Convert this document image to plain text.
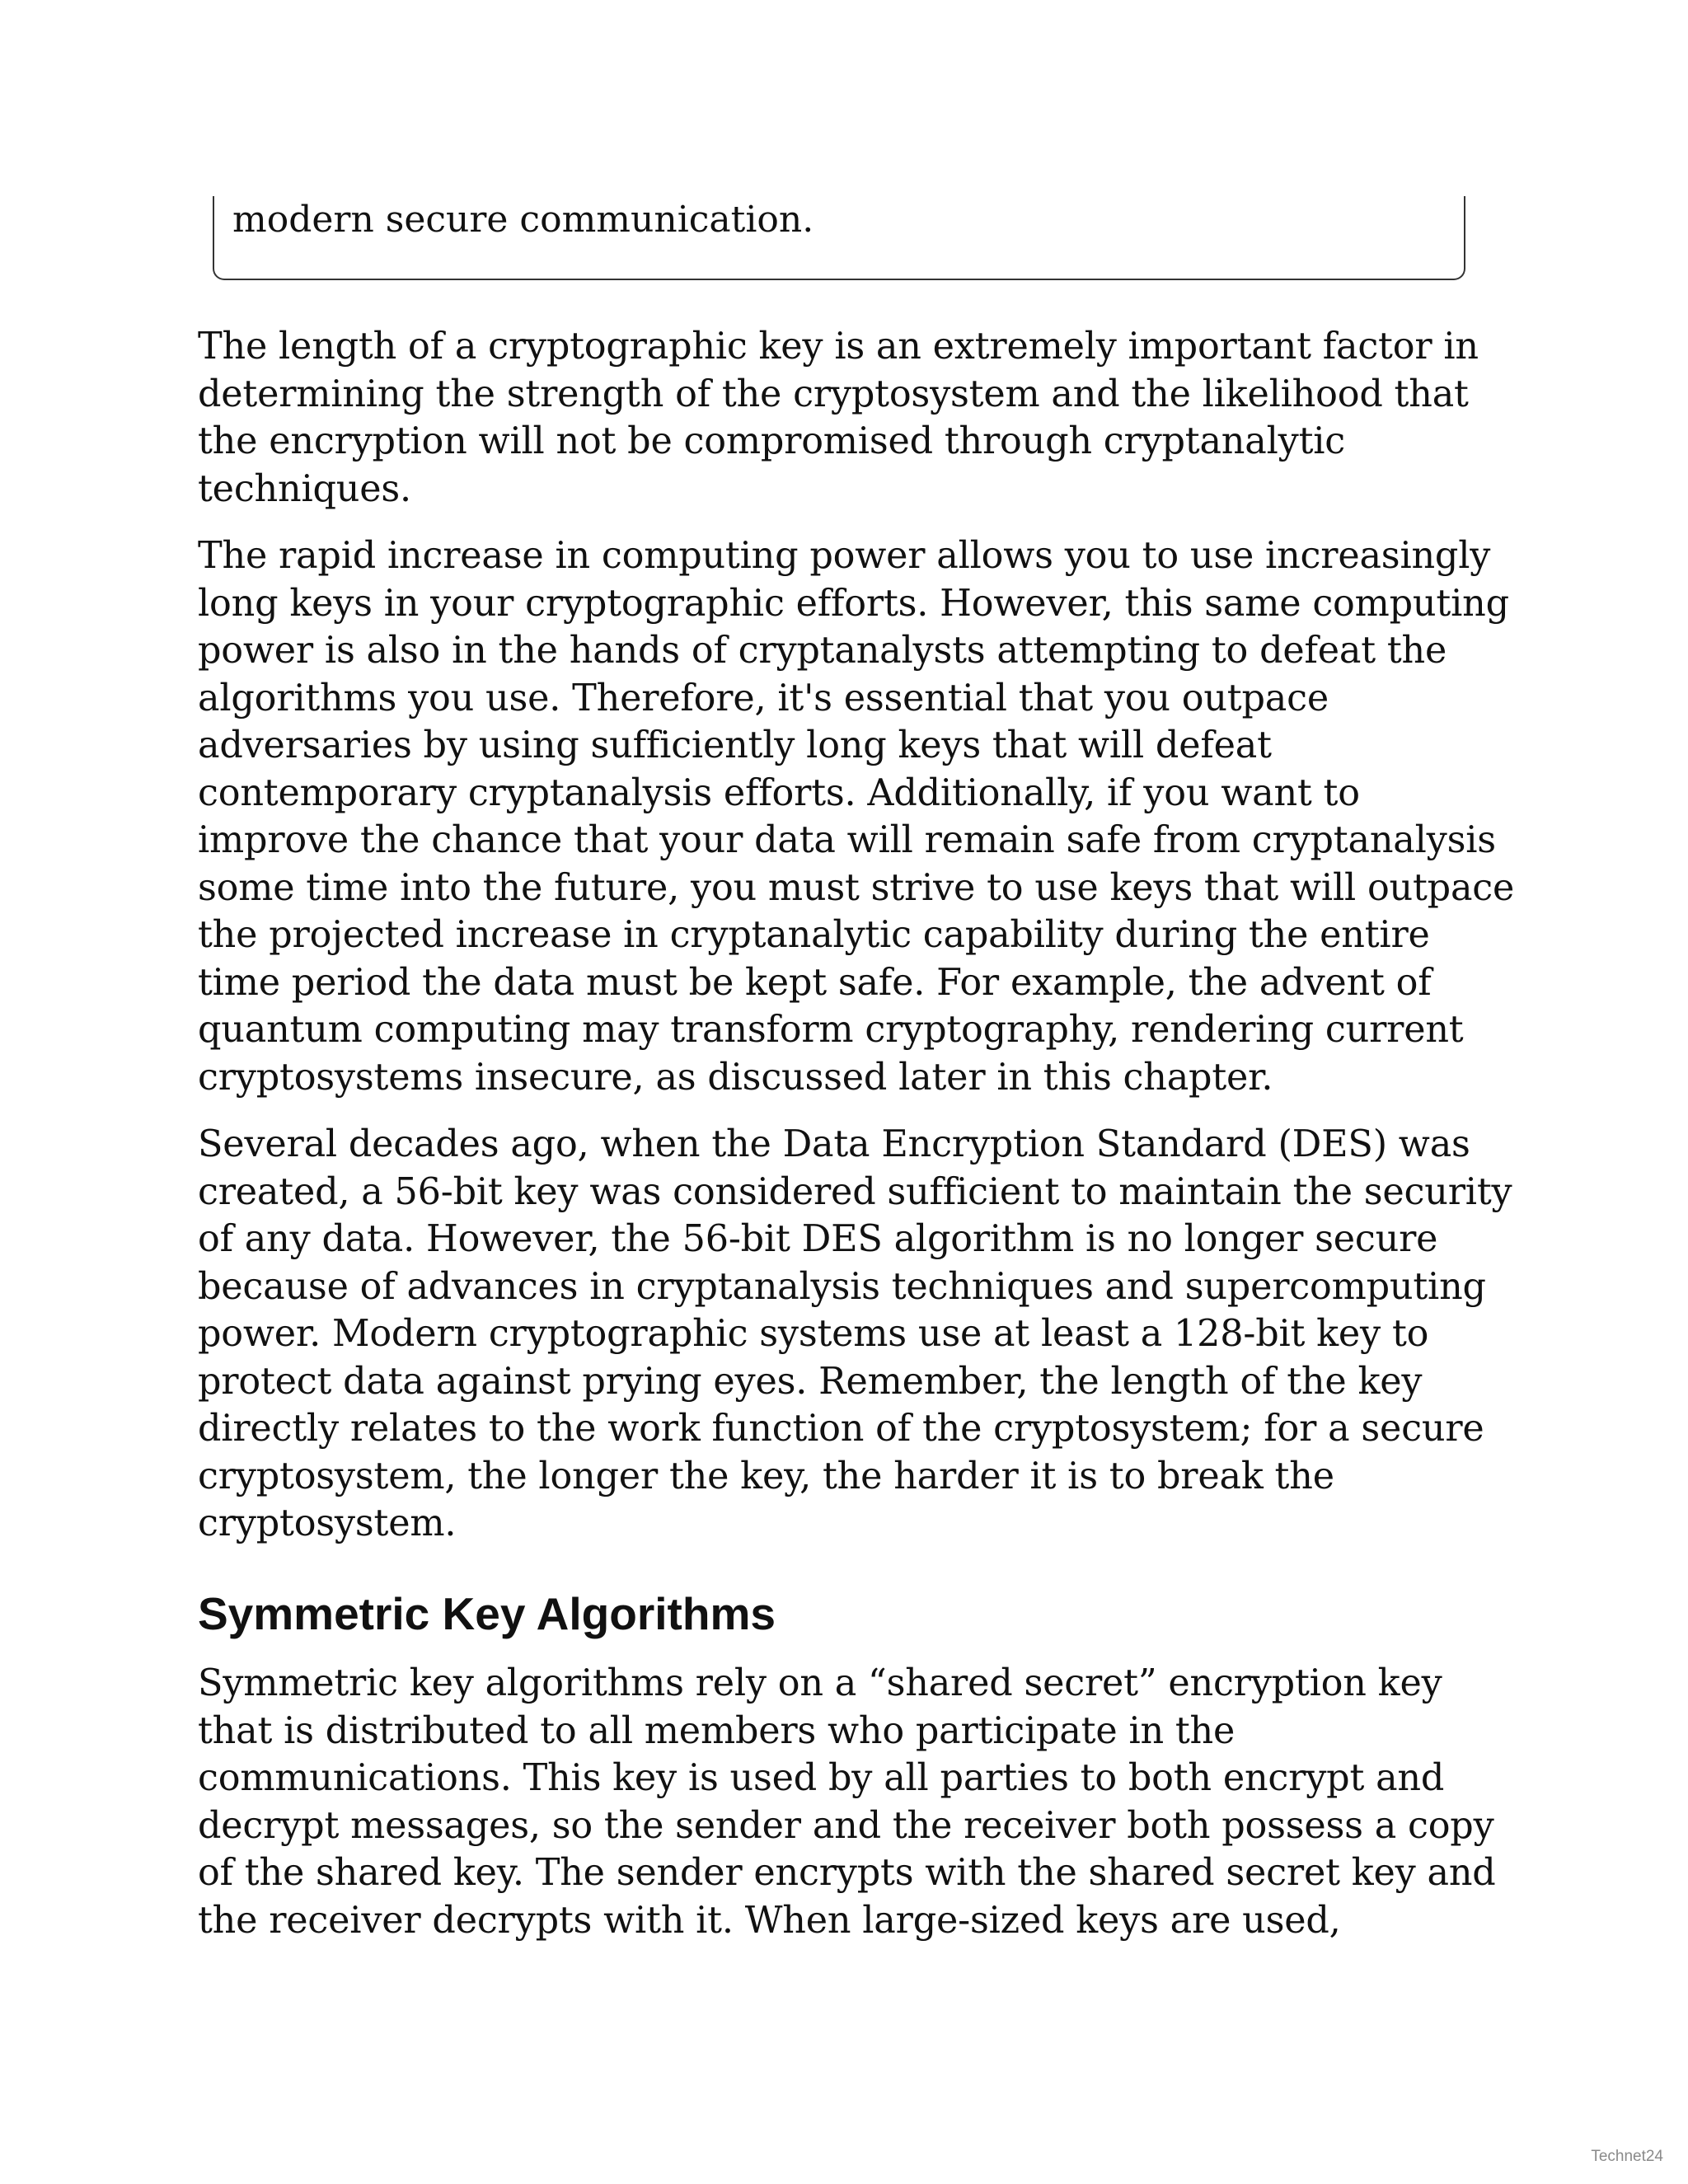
modern secure communication.

The length of a cryptographic key is an extremely important factor in
determining the strength of the cryptosystem and the likelihood that
the encryption will not be compromised through cryptanalytic
techniques.

The rapid increase in computing power allows you to use increasingly
long keys in your cryptographic efforts. However, this same computing
power is also in the hands of cryptanalysts attempting to defeat the
algorithms you use. Therefore, it's essential that you outpace
adversaries by using sufficiently long keys that will defeat
contemporary cryptanalysis efforts. Additionally, if you want to
improve the chance that your data will remain safe from cryptanalysis
some time into the future, you must strive to use keys that will outpace
the projected increase in cryptanalytic capability during the entire
time period the data must be kept safe. For example, the advent of
quantum computing may transform cryptography, rendering current
cryptosystems insecure, as discussed later in this chapter.

Several decades ago, when the Data Encryption Standard (DES) was
created, a 56-bit key was considered sufficient to maintain the security
of any data. However, the 56-bit DES algorithm is no longer secure
because of advances in cryptanalysis techniques and supercomputing
power. Modern cryptographic systems use at least a 128-bit key to
protect data against prying eyes. Remember, the length of the key
directly relates to the work function of the cryptosystem; for a secure
cryptosystem, the longer the key, the harder it is to break the
cryptosystem.

Symmetric Key Algorithms

Symmetric key algorithms rely on a “shared secret” encryption key
that is distributed to all members who participate in the
communications. This key is used by all parties to both encrypt and
decrypt messages, so the sender and the receiver both possess a copy
of the shared key. The sender encrypts with the shared secret key and
the receiver decrypts with it. When large-sized keys are used,

Technet24
